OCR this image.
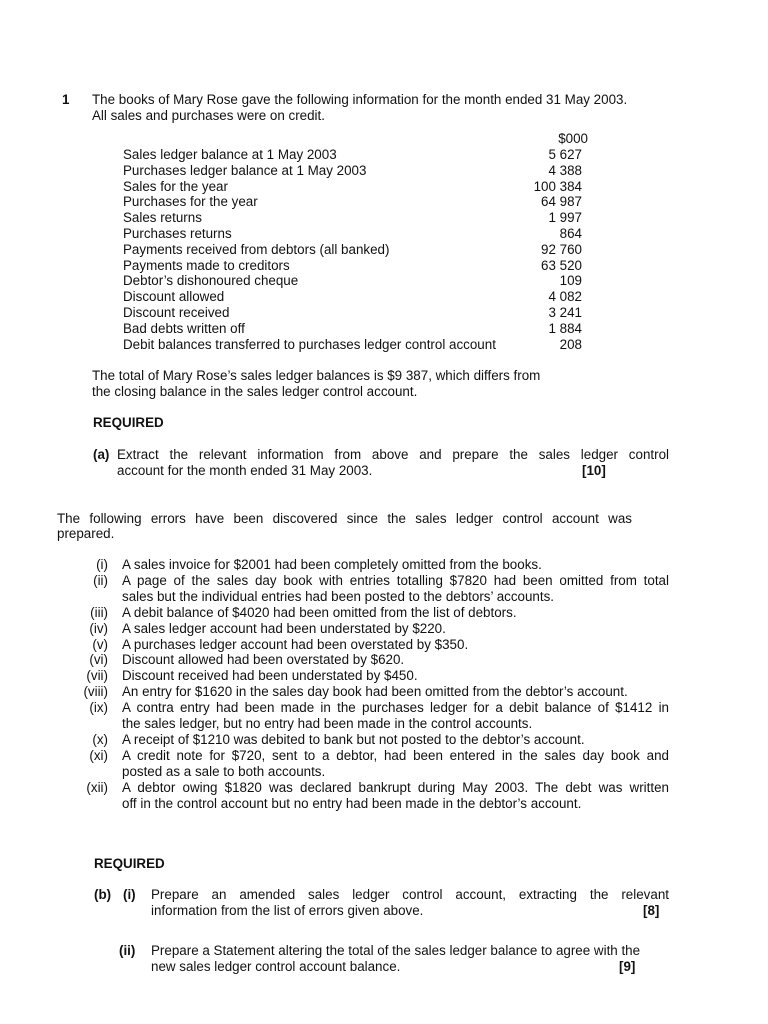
1 The books of Mary Rose gave the following information for the month ended 31 May 2003.
All sales and purchases were on credit.
$000
Sales ledger balance at 1 May 2003	5 627
Purchases ledger balance at 1 May 2003	4 388
Sales for the year	100 384
Purchases for the year	64 987
Sales returns	1 997
Purchases returns	864
Payments received from debtors (all banked)	92 760
Payments made to creditors	63 520
Debtor’s dishonoured cheque	109
Discount allowed	4 082
Discount received	3 241
Bad debts written off	1 884
Debit balances transferred to purchases ledger control account	208
The total of Mary Rose’s sales ledger balances is $9 387, which differs from
the closing balance in the sales ledger control account.
REQUIRED
(a) Extract the relevant information from above and prepare the sales ledger control
account for the month ended 31 May 2003.	[10]
The following errors have been discovered since the sales ledger control account was
prepared.
(i) A sales invoice for $2001 had been completely omitted from the books.
(ii) A page of the sales day book with entries totalling $7820 had been omitted from total
sales but the individual entries had been posted to the debtors’ accounts.
(iii) A debit balance of $4020 had been omitted from the list of debtors.
(iv) A sales ledger account had been understated by $220.
(v) A purchases ledger account had been overstated by $350.
(vi) Discount allowed had been overstated by $620.
(vii) Discount received had been understated by $450.
(viii) An entry for $1620 in the sales day book had been omitted from the debtor’s account.
(ix) A contra entry had been made in the purchases ledger for a debit balance of $1412 in
the sales ledger, but no entry had been made in the control accounts.
(x) A receipt of $1210 was debited to bank but not posted to the debtor’s account.
(xi) A credit note for $720, sent to a debtor, had been entered in the sales day book and
posted as a sale to both accounts.
(xii) A debtor owing $1820 was declared bankrupt during May 2003. The debt was written
off in the control account but no entry had been made in the debtor’s account.
REQUIRED
(b) (i) Prepare an amended sales ledger control account, extracting the relevant
information from the list of errors given above.	[8]
(ii) Prepare a Statement altering the total of the sales ledger balance to agree with the
new sales ledger control account balance.	[9]
